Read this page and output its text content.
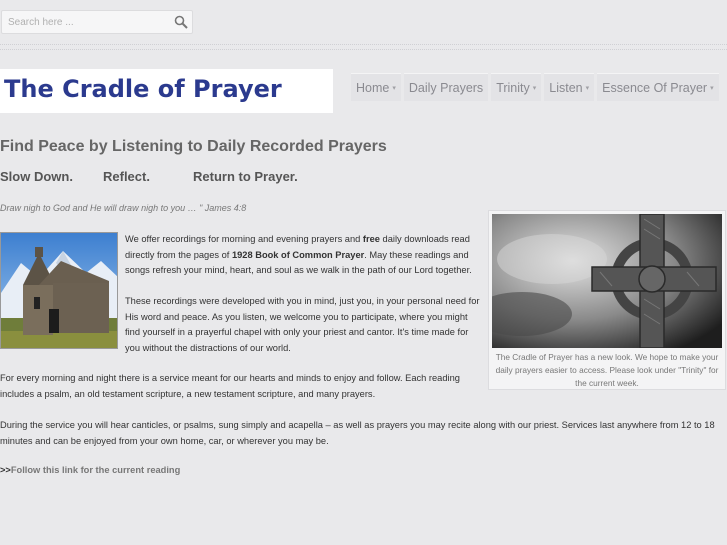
Search here ...
The Cradle of Prayer	Home ▾ Daily Prayers Trinity ▾ Listen ▾ Essence Of Prayer ▾
Find Peace by Listening to Daily Recorded Prayers
Slow Down. Reflect.	Return to Prayer.
Draw nigh to God and He will draw nigh to you … " James 4:8
We offer recordings for morning and evening prayers and free daily downloads read directly from the pages of 1928 Book of Common Prayer. May these readings and songs refresh your mind, heart, and soul as we walk in the path of our Lord together.
These recordings were developed with you in mind, just you, in your personal need for His word and peace. As you listen, we welcome you to participate, where you might find yourself in a prayerful chapel with only your priest and cantor. It's time made for you without the distractions of our world.
For every morning and night there is a service meant for our hearts and minds to enjoy and follow. Each reading includes a psalm, an old testament scripture, a new testament scripture, and many prayers.
During the service you will hear canticles, or psalms, sung simply and acapella – as well as prayers you may recite along with our priest. Services last anywhere from 12 to 18 minutes and can be enjoyed from your own home, car, or wherever you may be.
>>Follow this link for the current reading
The Cradle of Prayer has a new look. We hope to make your daily prayers easier to access. Please look under "Trinity" for the current week.
